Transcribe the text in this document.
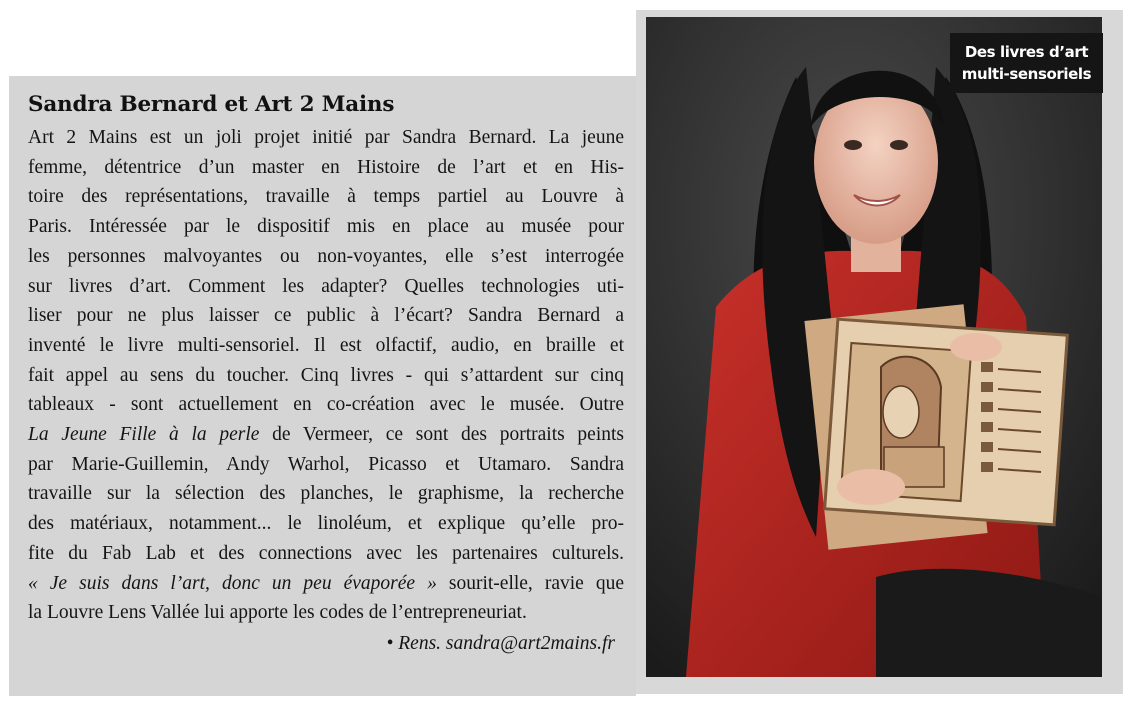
Sandra Bernard et Art 2 Mains
Art 2 Mains est un joli projet initié par Sandra Bernard. La jeune
femme, détentrice d’un master en Histoire de l’art et en His-
toire des représentations, travaille à temps partiel au Louvre à
Paris. Intéressée par le dispositif mis en place au musée pour
les personnes malvoyantes ou non-voyantes, elle s’est interrogée
sur livres d’art. Comment les adapter? Quelles technologies uti-
liser pour ne plus laisser ce public à l’écart? Sandra Bernard a
inventé le livre multi-sensoriel. Il est olfactif, audio, en braille et
fait appel au sens du toucher. Cinq livres - qui s’attardent sur cinq
tableaux - sont actuellement en co-création avec le musée. Outre
La Jeune Fille à la perle de Vermeer, ce sont des portraits peints
par Marie-Guillemin, Andy Warhol, Picasso et Utamaro. Sandra
travaille sur la sélection des planches, le graphisme, la recherche
des matériaux, notamment... le linoléum, et explique qu’elle pro-
fite du Fab Lab et des connections avec les partenaires culturels.
« Je suis dans l’art, donc un peu évaporée » sourit-elle, ravie que
la Louvre Lens Vallée lui apporte les codes de l’entrepreneuriat.
• Rens. sandra@art2mains.fr
Des livres d’art
multi-sensoriels
